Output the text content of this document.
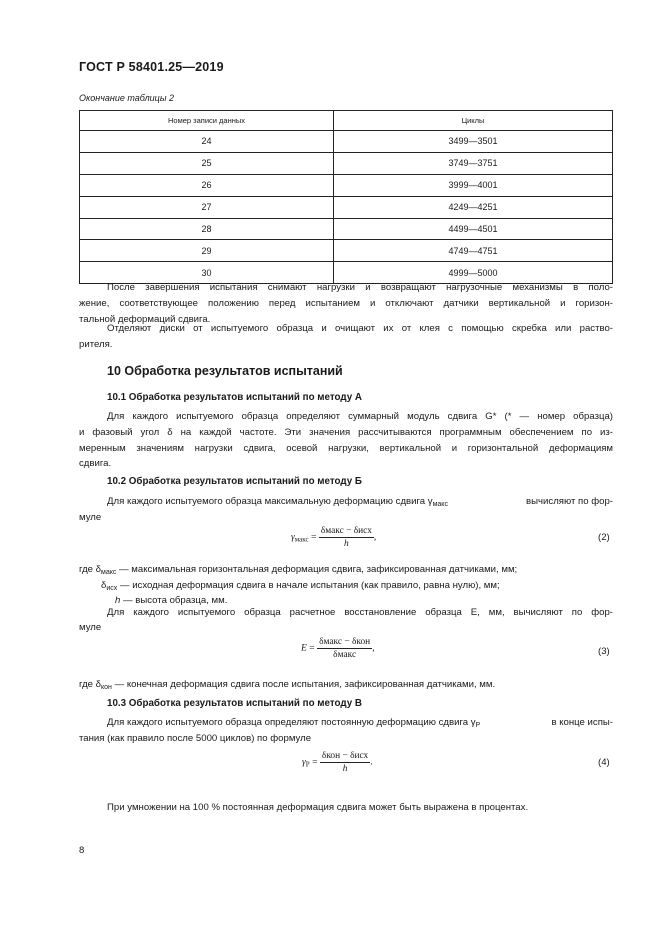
ГОСТ Р 58401.25—2019
Окончание таблицы 2
Номер записи данных	Циклы
24	3499—3501
25	3749—3751
26	3999—4001
27	4249—4251
28	4499—4501
29	4749—4751
30	4999—5000
После завершения испытания снимают нагрузки и возвращают нагрузочные механизмы в поло-
жение, соответствующее положению перед испытанием и отключают датчики вертикальной и горизон-
тальной деформаций сдвига.
Отделяют диски от испытуемого образца и очищают их от клея с помощью скребка или раство-
рителя.
10 Обработка результатов испытаний
10.1 Обработка результатов испытаний по методу А
Для каждого испытуемого образца определяют суммарный модуль сдвига G* (* — номер образца)
и фазовый угол δ на каждой частоте. Эти значения рассчитываются программным обеспечением по из-
меренным значениям нагрузки сдвига, осевой нагрузки, вертикальной и горизонтальной деформациям
сдвига.
10.2 Обработка результатов испытаний по методу Б
Для каждого испытуемого образца максимальную деформацию сдвига $\gamma_{макс}$	вычисляют по фор-
муле
$\gamma_{макс} = \frac{\text{δмакс − δисх}}{h}$ ,	(2)
где $\delta_{макс}$ — максимальная горизонтальная деформация сдвига, зафиксированная датчиками, мм;
$\delta_{исх}$ — исходная деформация сдвига в начале испытания (как правило, равна нулю), мм;
h — высота образца, мм.
Для каждого испытуемого образца расчетное восстановление образца E, мм, вычисляют по фор-
муле
$E = \frac{\text{δмакс − δкон}}{\text{δмакс}}$ ,	(3)
где $\delta_{кон}$ — конечная деформация сдвига после испытания, зафиксированная датчиками, мм.
10.3 Обработка результатов испытаний по методу В
Для каждого испытуемого образца определяют постоянную деформацию сдвига $\gamma_P$	в конце испы-
тания (как правило после 5000 циклов) по формуле
$\gamma_P = \frac{\text{δкон − δисх}}{h}$ .	(4)
При умножении на 100 % постоянная деформация сдвига может быть выражена в процентах.
8
